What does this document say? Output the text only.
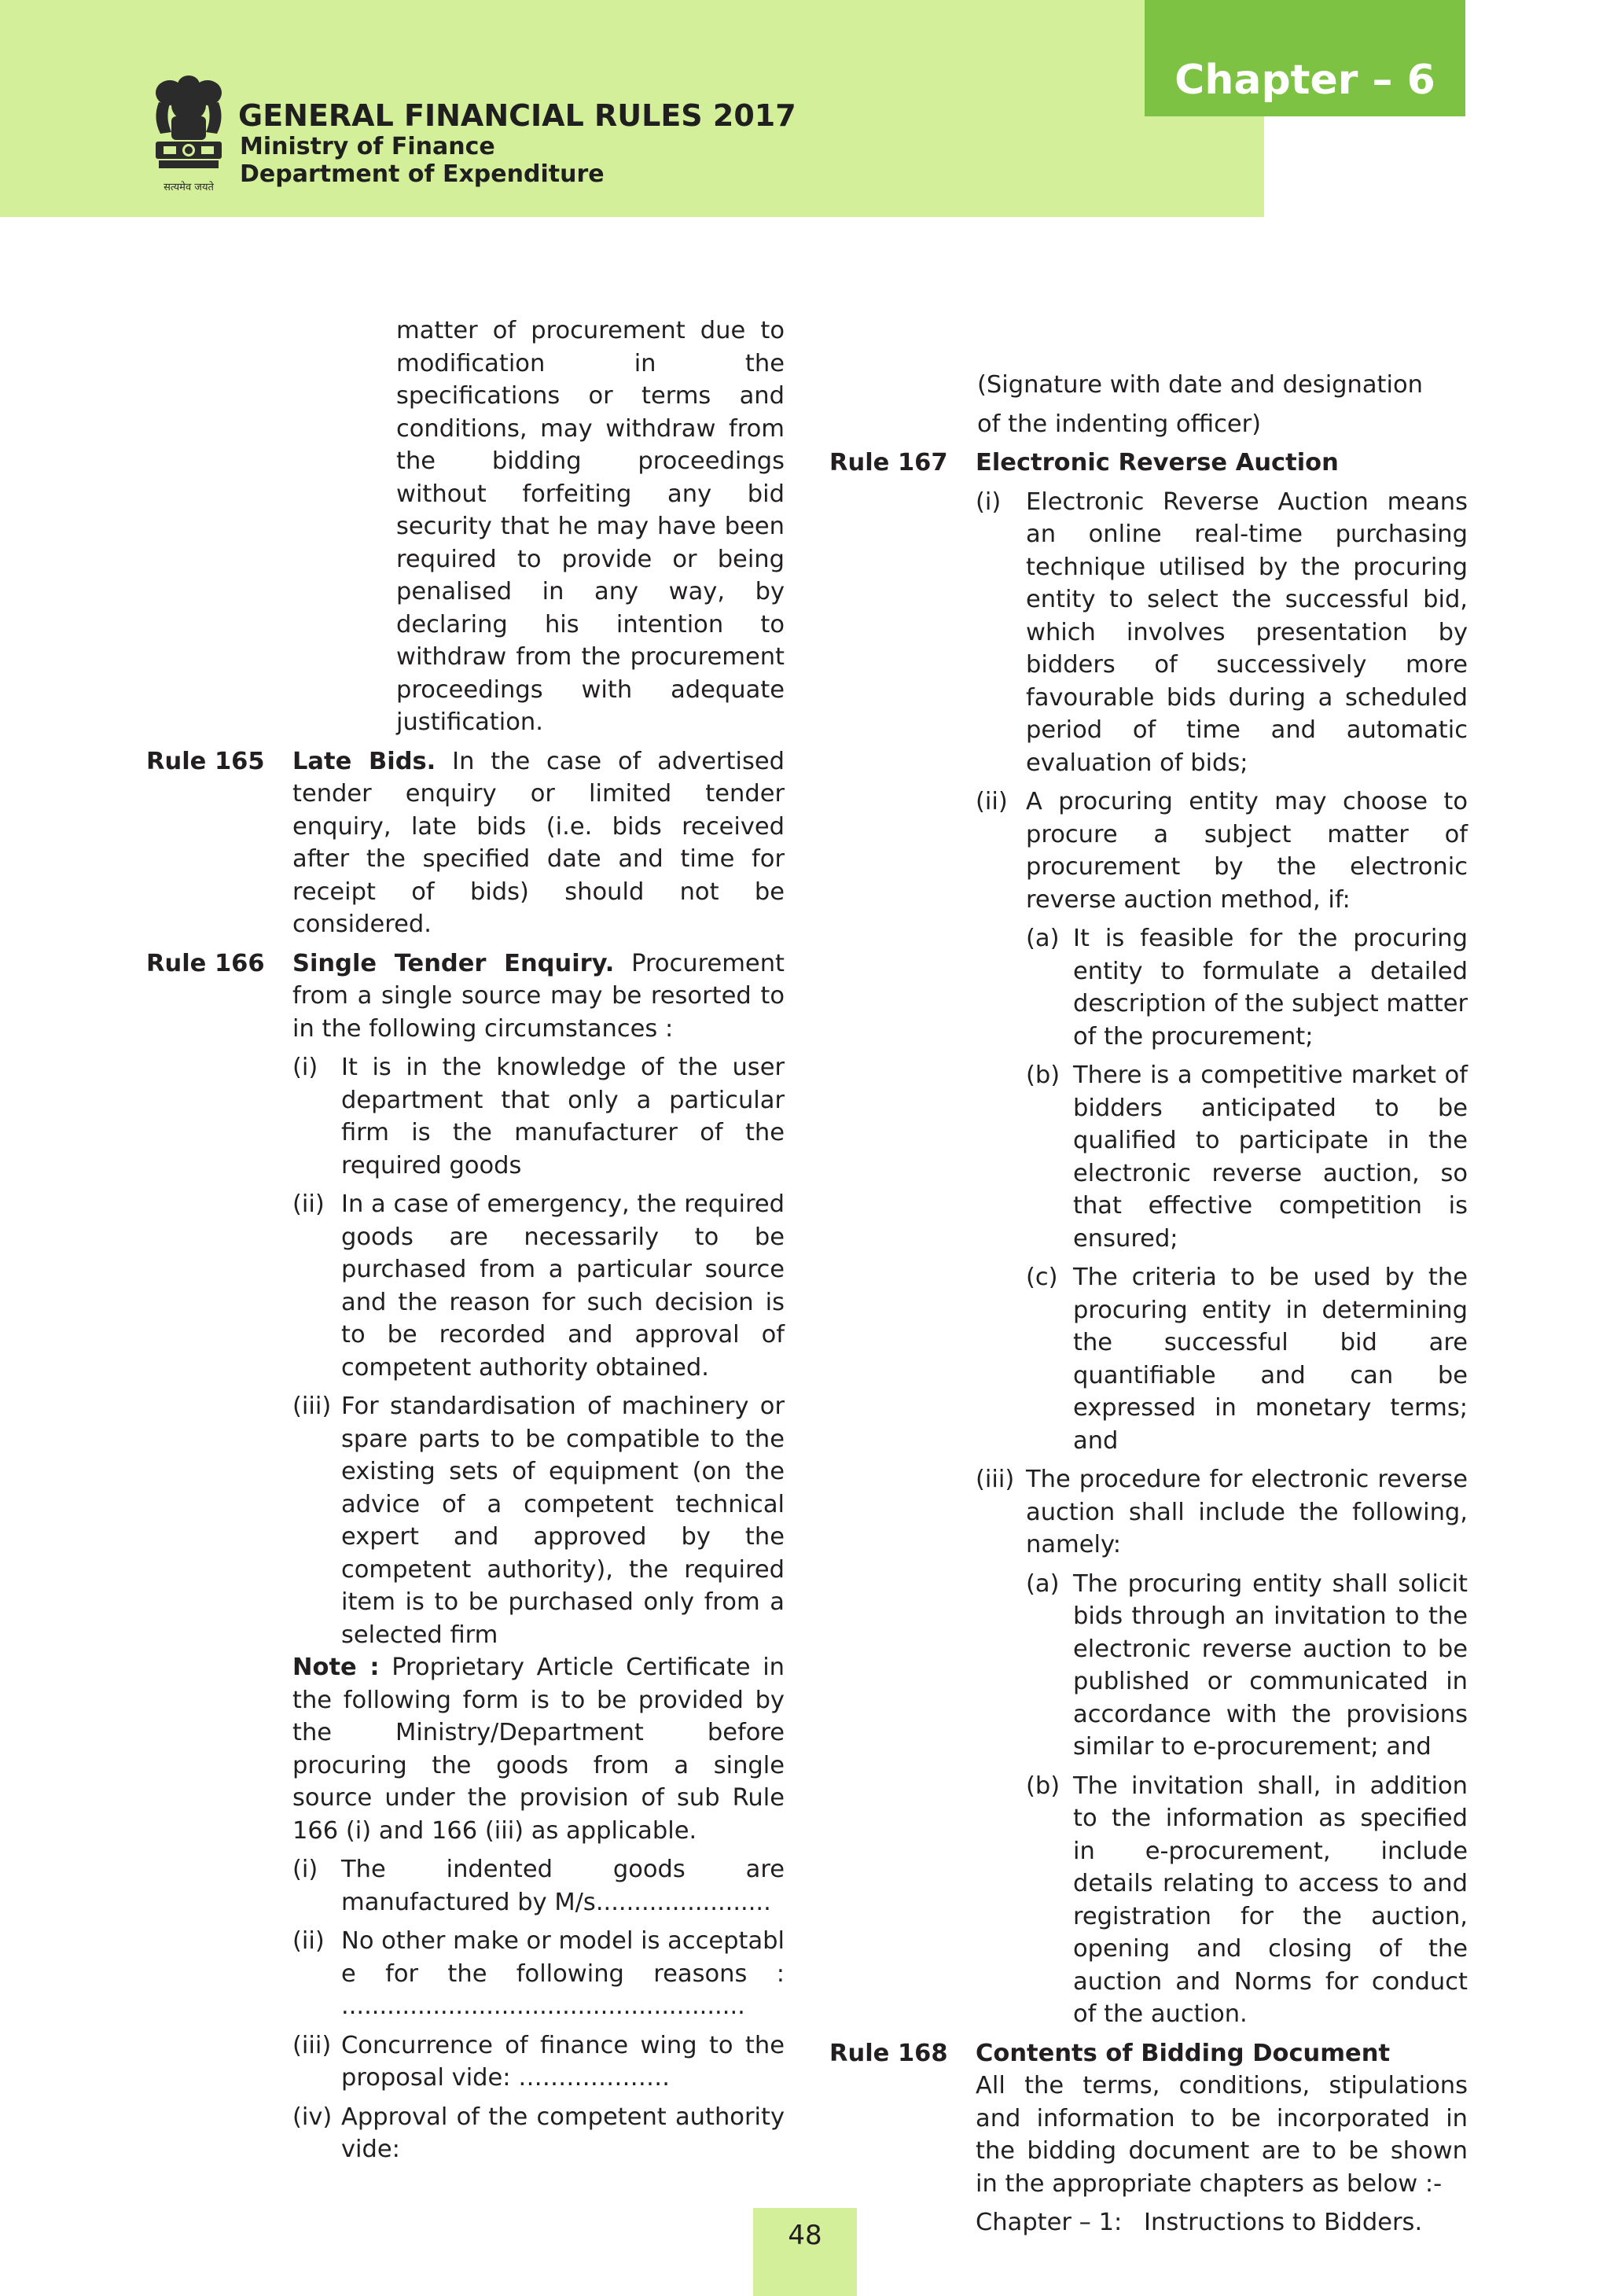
Chapter – 6
सत्यमेव जयते
GENERAL FINANCIAL RULES 2017
Ministry of Finance
Department of Expenditure

matter of procurement due to modification in the specifications or terms and conditions, may withdraw from the bidding proceedings without forfeiting any bid security that he may have been required to provide or being penalised in any way, by declaring his intention to withdraw from the procurement proceedings with adequate justification.

Rule 165	Late Bids. In the case of advertised tender enquiry or limited tender enquiry, late bids (i.e. bids received after the specified date and time for receipt of bids) should not be considered.
Rule 166	Single Tender Enquiry. Procurement from a single source may be resorted to in the following circumstances :

(i) It is in the knowledge of the user department that only a particular firm is the manufacturer of the required goods
(ii) In a case of emergency, the required goods are necessarily to be purchased from a particular source and the reason for such decision is to be recorded and approval of competent authority obtained.
(iii) For standardisation of machinery or spare parts to be compatible to the existing sets of equipment (on the advice of a competent technical expert and approved by the competent authority), the required item is to be purchased only from a selected firm

Note : Proprietary Article Certificate in the following form is to be provided by the Ministry/Department before procuring the goods from a single source under the provision of sub Rule 166 (i) and 166 (iii) as applicable.

(i) The indented goods are manufactured by M/s.......................
(ii) No other make or model is acceptable for the following reasons : .....................................................
(iii) Concurrence of finance wing to the proposal vide: ……………….
(iv) Approval of the competent authority vide:

(Signature with date and designation

of the indenting officer)

Rule 167	Electronic Reverse Auction

(i)	Electronic Reverse Auction means an online real-time purchasing technique utilised by the procuring entity to select the successful bid, which involves presentation by bidders of successively more favourable bids during a scheduled period of time and automatic evaluation of bids;
(ii) A procuring entity may choose to procure a subject matter of procurement by the electronic reverse auction method, if:
(a) It is feasible for the procuring entity to formulate a detailed description of the subject matter of the procurement;
(b) There is a competitive market of bidders anticipated to be qualified to participate in the electronic reverse auction, so that effective competition is ensured;
(c) The criteria to be used by the procuring entity in determining the successful bid are quantifiable and can be expressed in monetary terms; and
(iii) The procedure for electronic reverse auction shall include the following, namely:
(a) The procuring entity shall solicit bids through an invitation to the electronic reverse auction to be published or communicated in accordance with the provisions similar to e-procurement; and
(b) The invitation shall, in addition to the information as specified in e-procurement, include details relating to access to and registration for the auction, opening and closing of the auction and Norms for conduct of the auction.
Rule 168	Contents of Bidding Document

All the terms, conditions, stipulations and information to be incorporated in the bidding document are to be shown in the appropriate chapters as below :-

Chapter – 1: Instructions to Bidders.
48
